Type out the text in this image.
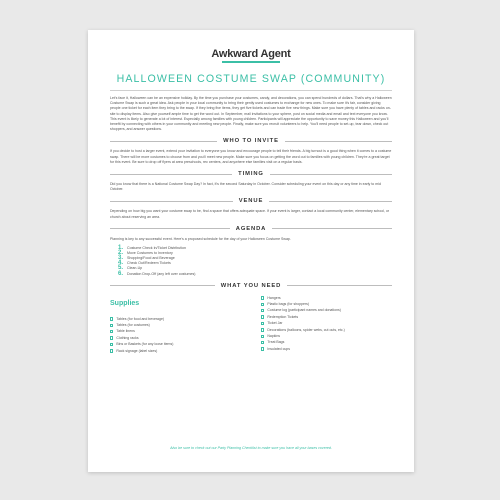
Awkward Agent
HALLOWEEN COSTUME SWAP (COMMUNITY)

Let's face it, Halloween can be an expensive holiday. By the time you purchase your costumes, candy, and decorations, you can spend hundreds of dollars. That's why a Halloween Costume Swap is such a great idea. Ask people in your local community to bring their gently used costumes to exchange for new ones. To make sure it's fair, consider giving people one ticket for each item they bring to the swap. If they bring five items, they get five tickets and can trade five new things. Make sure you have plenty of tables and racks on-site to display items. Also give yourself ample time to get the word out. In September, mail invitations to your sphere, post on social media and email and text everyone you know. This event is likely to generate a lot of interest. Especially among families with young children. Participants will appreciate the opportunity to save money this Halloween and you'll benefit by connecting with others in your community and meeting new people. Finally, make sure you recruit volunteers to help. You'll need people to set-up, tear down, check out shoppers, and answer questions.

WHO TO INVITE

If you decide to host a larger event, extend your invitation to everyone you know and encourage people to tell their friends. A big turnout is a good thing when it comes to a costume swap. There will be more costumes to choose from and you'll meet new people. Make sure you focus on getting the word out to families with young children. They're a great target for this event. Be sure to drop off flyers at area preschools, rec centers, and anywhere else families visit on a regular basis.

TIMING

Did you know that there is a National Costume Swap Day? In fact, it's the second Saturday in October. Consider scheduling your event on this day or any time in early to mid October.

VENUE

Depending on how big you want your costume swap to be, find a space that offers adequate space. If your event is larger, contact a local community center, elementary school, or church about reserving an area.

AGENDA

Planning is key to any successful event. Here's a proposed schedule for the day of your Halloween Costume Swap.

1.	Costume Check In/Ticket Distribution
2.	Move Costumes to Inventory
3.	Shopping/Food and Beverage
4.	Check Out/Redeem Tickets
5.	Clean-Up
6.	Donation Drop-Off (any left over costumes)
WHAT YOU NEED
Supplies
Tables (for food and beverage)
Tables (for costumes)
Table linens
Clothing racks
Bins or Baskets (for any loose items)
Rack signage (label sizes)
Hangers
Plastic bags (for shoppers)
Costume log (participant names and donations)
Redemption Tickets
Ticket Jar
Decorations (balloons, spider webs, cut outs, etc.)
Napkins
Treat Bags
Insulated cups
Also be sure to check out our Party Planning Checklist to make sure you have all your bases covered.
